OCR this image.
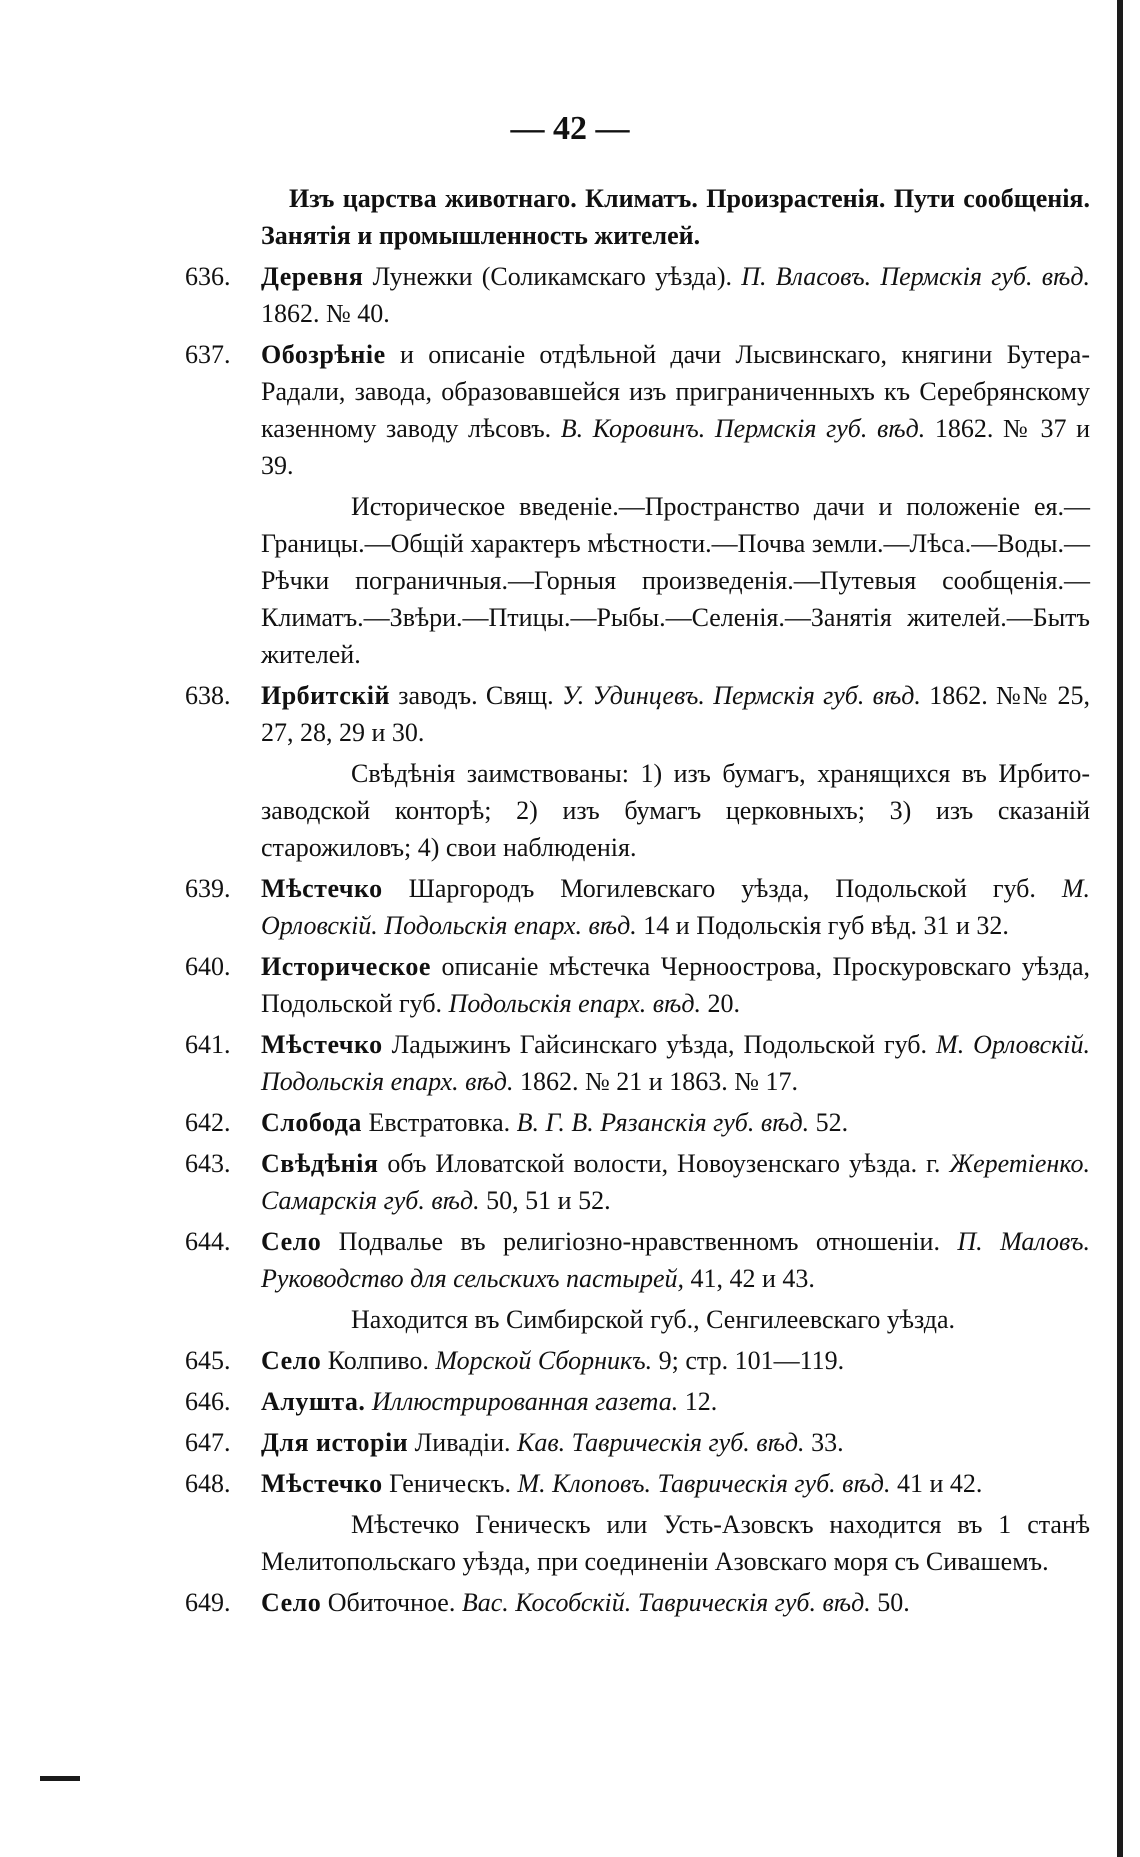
— 42 —
Изъ царства животнаго. Климатъ. Произрастенія. Пути сообщенія. Занятія и промышленность жителей.
636.	Деревня Лунежки (Соликамскаго уѣзда). П. Власовъ. Пермскія губ. вѣд. 1862. № 40.
637.	Обозрѣніе и описаніе отдѣльной дачи Лысвинскаго, княгини Бутера-Радали, завода, образовавшейся изъ приграниченныхъ къ Серебрянскому казенному заводу лѣсовъ. В. Коровинъ. Пермскія губ. вѣд. 1862. № 37 и 39.
Историческое введеніе.—Пространство дачи и положеніе ея.—Границы.—Общій характеръ мѣстности.—Почва земли.—Лѣса.—Воды.—Рѣчки пограничныя.—Горныя произведенія.—Путевыя сообщенія.—Климатъ.—Звѣри.—Птицы.—Рыбы.—Селенія.—Занятія жителей.—Бытъ жителей.
638.	Ирбитскій заводъ. Свящ. У. Удинцевъ. Пермскія губ. вѣд. 1862. №№ 25, 27, 28, 29 и 30.
Свѣдѣнія заимствованы: 1) изъ бумагъ, хранящихся въ Ирбито-заводской конторѣ; 2) изъ бумагъ церковныхъ; 3) изъ сказаній старожиловъ; 4) свои наблюденія.
639.	Мѣстечко Шаргородъ Могилевскаго уѣзда, Подольской губ. М. Орловскій. Подольскія епарх. вѣд. 14 и Подольскія губ вѣд. 31 и 32.
640.	Историческое описаніе мѣстечка Черноострова, Проскуровскаго уѣзда, Подольской губ. Подольскія епарх. вѣд. 20.
641.	Мѣстечко Ладыжинъ Гайсинскаго уѣзда, Подольской губ. М. Орловскій. Подольскія епарх. вѣд. 1862. № 21 и 1863. № 17.
642.	Слобода Евстратовка. В. Г. В. Рязанскія губ. вѣд. 52.
643.	Свѣдѣнія объ Иловатской волости, Новоузенскаго уѣзда. г. Жеретіенко. Самарскія губ. вѣд. 50, 51 и 52.
644.	Село Подвалье въ религіозно-нравственномъ отношеніи. П. Маловъ. Руководство для сельскихъ пастырей, 41, 42 и 43.
Находится въ Симбирской губ., Сенгилеевскаго уѣзда.
645.	Село Колпиво. Морской Сборникъ. 9; стр. 101—119.
646.	Алушта. Иллюстрированная газета. 12.
647.	Для исторіи Ливадіи. Кав. Таврическія губ. вѣд. 33.
648.	Мѣстечко Геническъ. М. Клоповъ. Таврическія губ. вѣд. 41 и 42.
Мѣстечко Геническъ или Усть-Азовскъ находится въ 1 станѣ Мелитопольскаго уѣзда, при соединеніи Азовскаго моря съ Сивашемъ.
649.	Село Обиточное. Вас. Кособскій. Таврическія губ. вѣд. 50.
